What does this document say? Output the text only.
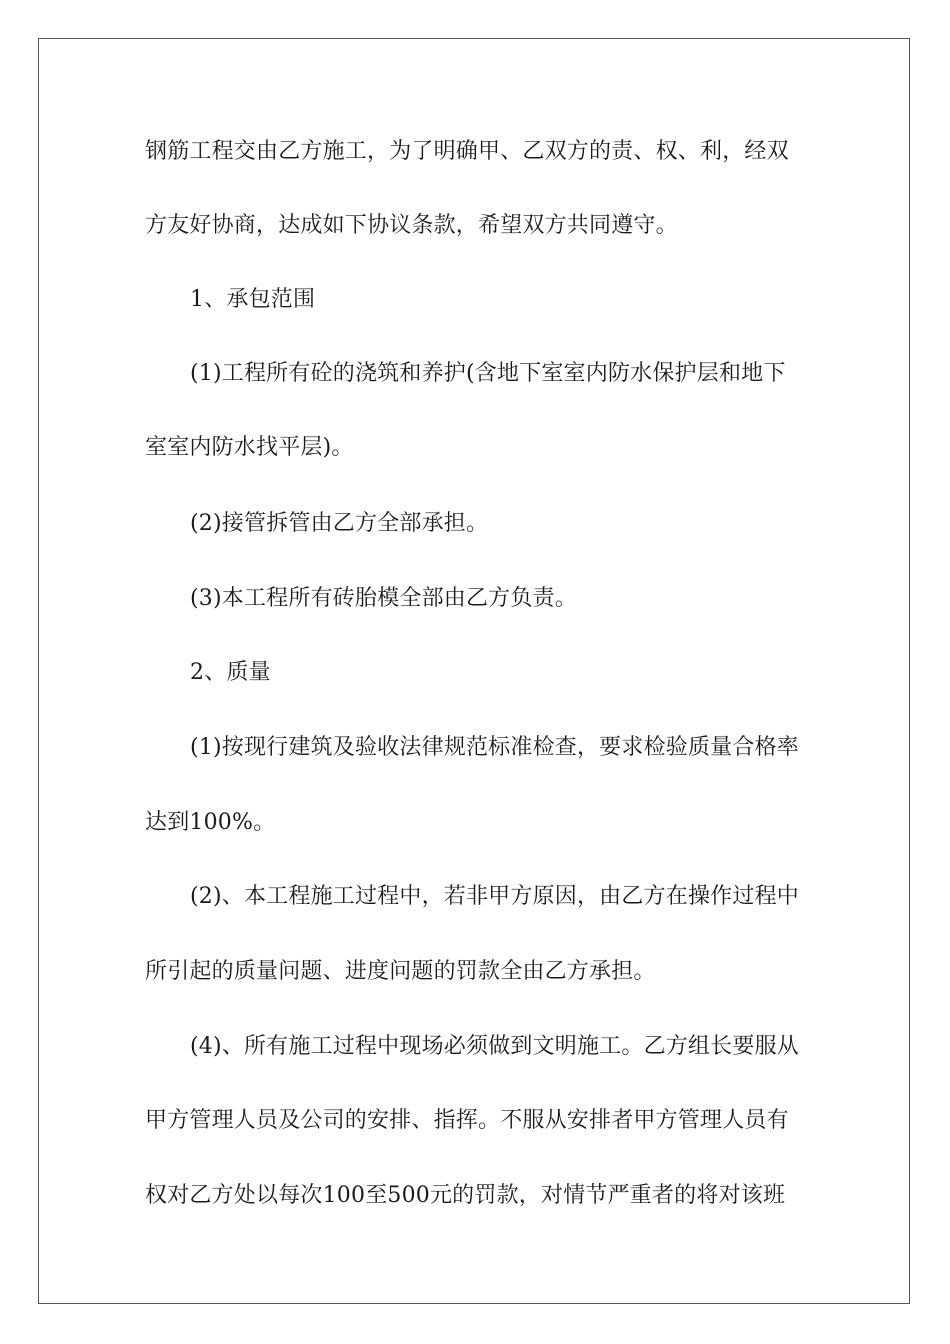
钢筋工程交由乙方施工，为了明确甲、乙双方的责、权、利，经双
方友好协商，达成如下协议条款，希望双方共同遵守。
1、承包范围
(1)工程所有砼的浇筑和养护(含地下室室内防水保护层和地下
室室内防水找平层)。
(2)接管拆管由乙方全部承担。
(3)本工程所有砖胎模全部由乙方负责。
2、质量
(1)按现行建筑及验收法律规范标准检查，要求检验质量合格率
达到100%。
(2)、本工程施工过程中，若非甲方原因，由乙方在操作过程中
所引起的质量问题、进度问题的罚款全由乙方承担。
(4)、所有施工过程中现场必须做到文明施工。乙方组长要服从
甲方管理人员及公司的安排、指挥。不服从安排者甲方管理人员有
权对乙方处以每次100至500元的罚款，对情节严重者的将对该班
